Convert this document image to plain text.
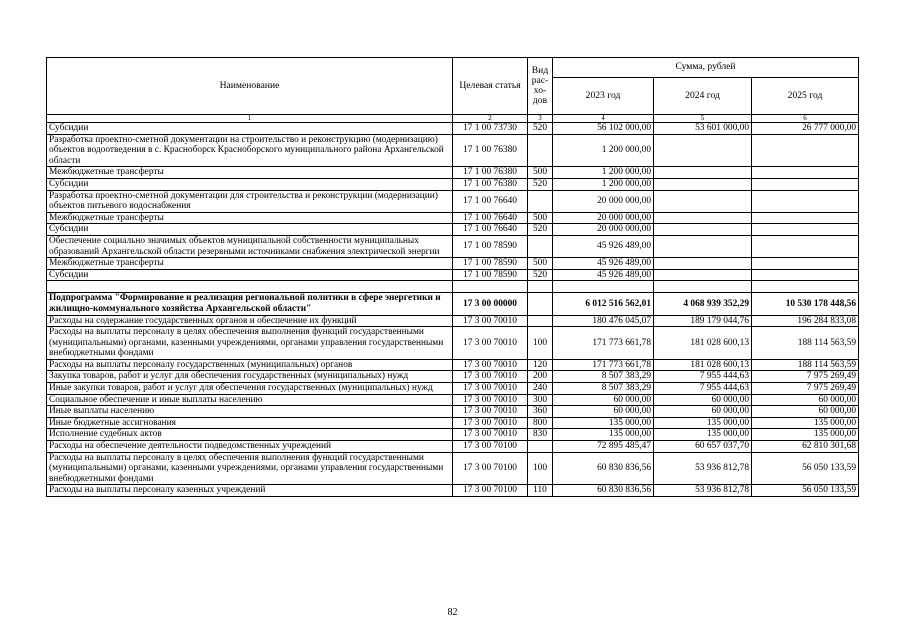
Наименование	Целевая статья	Вид рас-хо-дов	Сумма, рублей		
			2023 год	2024 год	2025 год
1	2	3	4	5	6
Субсидии	17 1 00 73730	520	56 102 000,00	53 601 000,00	26 777 000,00
Разработка проектно-сметной документации на строительство и реконструкцию (модернизацию) объектов водоотведения в с. Красноборск Красноборского муниципального района Архангельской области	17 1 00 76380		1 200 000,00		
Межбюджетные трансферты	17 1 00 76380	500	1 200 000,00		
Субсидии	17 1 00 76380	520	1 200 000,00		
Разработка проектно-сметной документации для строительства и реконструкции (модернизации) объектов питьевого водоснабжения	17 1 00 76640		20 000 000,00		
Межбюджетные трансферты	17 1 00 76640	500	20 000 000,00		
Субсидии	17 1 00 76640	520	20 000 000,00		
Обеспечение социально значимых объектов муниципальной собственности муниципальных образований Архангельской области резервными источниками снабжения электрической энергии	17 1 00 78590		45 926 489,00		
Межбюджетные трансферты	17 1 00 78590	500	45 926 489,00		
Субсидии	17 1 00 78590	520	45 926 489,00		

Подпрограмма "Формирование и реализация региональной политики в сфере энергетики и жилищно-коммунального хозяйства Архангельской области"	17 3 00 00000		6 012 516 562,01	4 068 939 352,29	10 530 178 448,56
Расходы на содержание государственных органов и обеспечение их функций	17 3 00 70010		180 476 045,07	189 179 044,76	196 284 833,08
Расходы на выплаты персоналу в целях обеспечения выполнения функций государственными (муниципальными) органами, казенными учреждениями, органами управления государственными внебюджетными фондами	17 3 00 70010	100	171 773 661,78	181 028 600,13	188 114 563,59
Расходы на выплаты персоналу государственных (муниципальных) органов	17 3 00 70010	120	171 773 661,78	181 028 600,13	188 114 563,59
Закупка товаров, работ и услуг для обеспечения государственных (муниципальных) нужд	17 3 00 70010	200	8 507 383,29	7 955 444,63	7 975 269,49
Иные закупки товаров, работ и услуг для обеспечения государственных (муниципальных) нужд	17 3 00 70010	240	8 507 383,29	7 955 444,63	7 975 269,49
Социальное обеспечение и иные выплаты населению	17 3 00 70010	300	60 000,00	60 000,00	60 000,00
Иные выплаты населению	17 3 00 70010	360	60 000,00	60 000,00	60 000,00
Иные бюджетные ассигнования	17 3 00 70010	800	135 000,00	135 000,00	135 000,00
Исполнение судебных актов	17 3 00 70010	830	135 000,00	135 000,00	135 000,00
Расходы на обеспечение деятельности подведомственных учреждений	17 3 00 70100		72 895 485,47	60 657 037,70	62 810 301,68
Расходы на выплаты персоналу в целях обеспечения выполнения функций государственными (муниципальными) органами, казенными учреждениями, органами управления государственными внебюджетными фондами	17 3 00 70100	100	60 830 836,56	53 936 812,78	56 050 133,59
Расходы на выплаты персоналу казенных учреждений	17 3 00 70100	110	60 830 836,56	53 936 812,78	56 050 133,59
82
